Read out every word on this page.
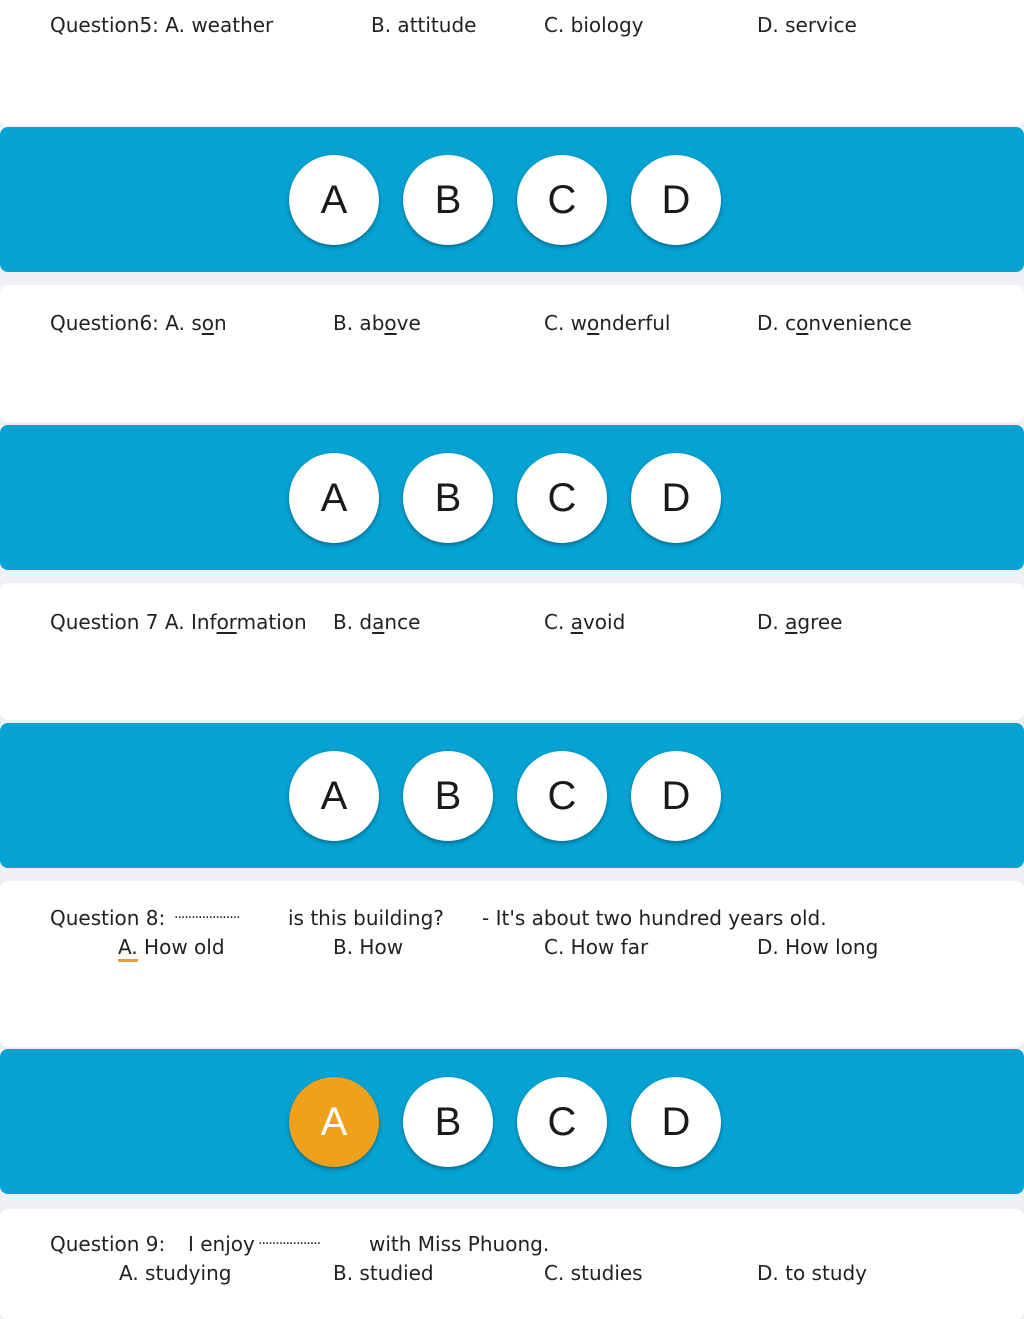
Question5: A. weather	B. attitude	C. biology	D. service
A	B	C	D
Question6: A. son	B. above	C. wonderful	D. convenience
A	B	C	D
Question 7 A. Information B. dance	C. avoid	D. agree
A	B	C	D
Question 8: ................... is this building? - It's about two hundred years old.
A. How old	B. How	C. How far	D. How long
A	B	C	D
Question 9: I enjoy .................. with Miss Phuong.
A. studying	B. studied	C. studies	D. to study
